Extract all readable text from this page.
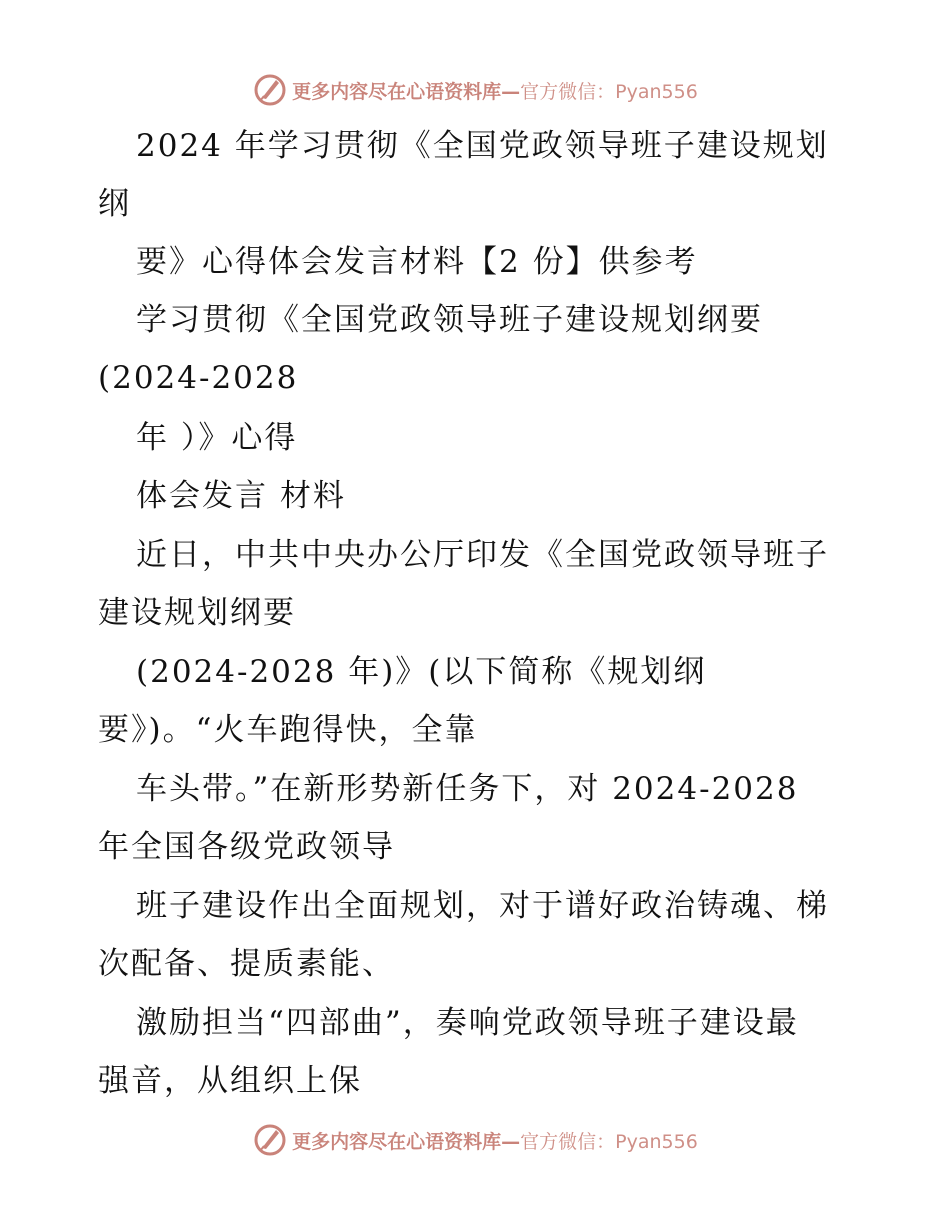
更多内容尽在心语资料库—官方微信：Pyan556
2024 年学习贯彻《全国党政领导班子建设规划
纲
要》心得体会发言材料【2 份】供参考
学习贯彻《全国党政领导班子建设规划纲要
(2024-2028
年 ）》心得
体会发言 材料
近日，中共中央办公厅印发《全国党政领导班子
建设规划纲要
(2024-2028 年)》(以下简称《规划纲
要》)。“火车跑得快，全靠
车头带。”在新形势新任务下，对 2024-2028
年全国各级党政领导
班子建设作出全面规划，对于谱好政治铸魂、梯
次配备、提质素能、
激励担当“四部曲”，奏响党政领导班子建设最
强音，从组织上保
更多内容尽在心语资料库—官方微信：Pyan556
